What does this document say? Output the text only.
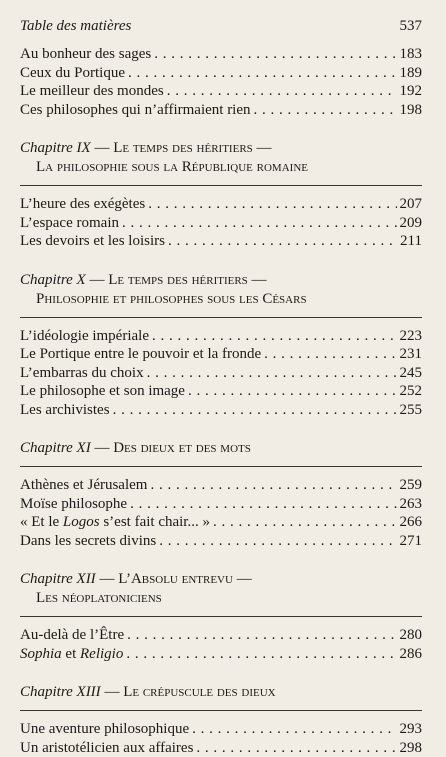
Table des matières	537
Au bonheur des sages . . .	183
Ceux du Portique . . .	189
Le meilleur des mondes . . .	192
Ces philosophes qui n’affirmaient rien . . .	198
Chapitre IX — Le temps des héritiers —
La philosophie sous la République romaine
L’heure des exégètes . . .	207
L’espace romain . . .	209
Les devoirs et les loisirs . . .	211
Chapitre X — Le temps des héritiers —
Philosophie et philosophes sous les Césars
L’idéologie impériale . . .	223
Le Portique entre le pouvoir et la fronde . . .	231
L’embarras du choix . . .	245
Le philosophe et son image . . .	252
Les archivistes . . .	255
Chapitre XI — Des dieux et des mots
Athènes et Jérusalem . . .	259
Moïse philosophe . . .	263
« Et le Logos s’est fait chair... » . . .	266
Dans les secrets divins . . .	271
Chapitre XII — L’Absolu entrevu —
Les néoplatoniciens
Au-delà de l’Être . . .	280
Sophia et Religio . . .	286
Chapitre XIII — Le crépuscule des dieux
Une aventure philosophique . . .	293
Un aristotélicien aux affaires . . .	298
